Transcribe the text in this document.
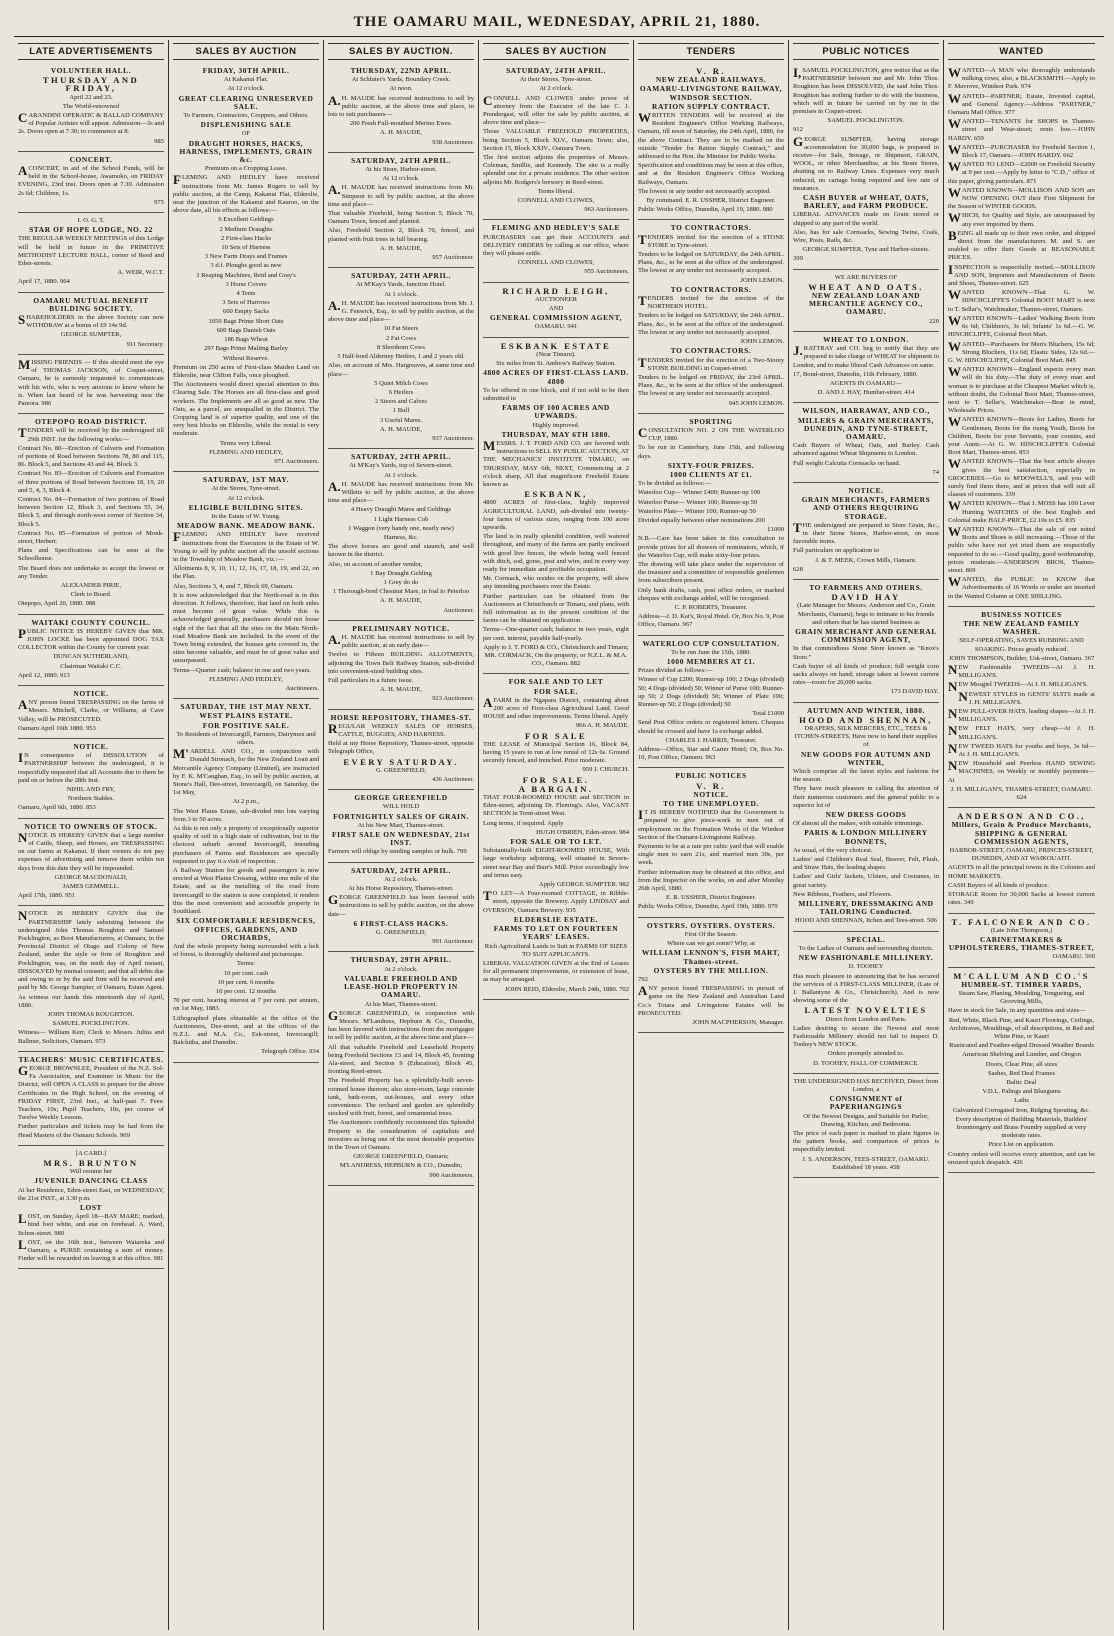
THE OAMARU MAIL, WEDNESDAY, APRIL 21, 1880.
LATE ADVERTISEMENTS

VOLUNTEER HALL.

THURSDAY AND FRIDAY,

April 22 and 23.

The World-renowned

CARANDINI OPERATIC & BALLAD COMPANY of Popular Artistes will appear. Admission—3s and 2s. Doors open at 7.30; to commence at 8.

985

CONCERT.

ACONCERT, in aid of the School Funds, will be held in the School-house, Awamoko, on FRIDAY EVENING, 23rd inst. Doors open at 7.30. Admission 2s 6d; Children, 1s.

975

I. O. G. T.

STAR OF HOPE LODGE, NO. 22

THE REGULAR WEEKLY MEETINGS of this Lodge will be held in future in the PRIMITIVE METHODIST LECTURE HALL, corner of Reed and Eden-streets.

A. WEIR, W.C.T.

April 17, 1880. 964

OAMARU MUTUAL BENEFIT BUILDING SOCIETY.

SHAREHOLDERS in the above Society can now WITHDRAW at a bonus of £9 14s 9d.

GEORGE SUMPTER,

911 Secretary.

MISSING FRIENDS — If this should meet the eye of THOMAS JACKSON, of Coquet-street, Oamaru, he is earnestly requested to communicate with his wife, who is very anxious to know where he is. When last heard of he was harvesting near the Pareora. 986

OTEPOPO ROAD DISTRICT.

TENDERS will be received by the undersigned till 29th INST. for the following works:—

Contract No. 80—Erection of Culverts and Formation of portions of Road between Sections 78, 80 and 115, 86. Block 5, and Sections 43 and 44, Block 3.

Contract No. 83—Erection of Culverts and Formation of three portions of Road between Sections 18, 19, 20 and 5, 4, 3, Block 4.

Contract No. 84—Formation of two portions of Road between Section 12, Block 3, and Sections 55, 34, Block 5, and through north-west corner of Section 34, Block 5.

Contract No. 85—Formation of portion of Monk-street, Herbert.

Plans and Specifications can be seen at the Schoolhouse.

The Board does not undertake to accept the lowest or any Tender.

ALEXANDER PIRIE,

Clerk to Board.

Otepopo, April 20, 1880. 988

WAITAKI COUNTY COUNCIL.

PUBLIC NOTICE IS HEREBY GIVEN that MR. JOHN LOCKE has been appointed DOG TAX COLLECTOR within the County for current year.

DUNCAN SUTHERLAND,

Chairman Waitaki C.C.

April 12, 1880. 913

NOTICE.

ANY person found TRESPASSING on the farms of Messrs. Mitchell, Clarke, or Williams, at Cave Valley, will be PROSECUTED.

Oamaru April 16th 1880. 953

NOTICE.

IN consequence of DISSOLUTION of PARTNERSHIP between the undersigned, it is respectfully requested that all Accounts due to them be paid on or before the 28th Inst.

NIHIL AND FRY,

Northern Stables.

Oamaru, April 6th, 1880. 853

NOTICE TO OWNERS OF STOCK.

NOTICE IS HEREBY GIVEN that a large number of Cattle, Sheep, and Horses, are TRESPASSING on our farms at Kakanui. If their owners do not pay expenses of advertising and remove them within ten days from this date they will be impounded.

GEORGE MACDONALD,

JAMES GEMMELL.

April 17th, 1880. 951

NOTICE IS HEREBY GIVEN that the PARTNERSHIP lately subsisting between the undersigned John Thomas Roughton and Samuel Pocklington, as Boot Manufacturers, at Oamaru, in the Provincial District of Otago and Colony of New Zealand, under the style or firm of Roughton and Pocklington, was, on the tenth day of April instant, DISSOLVED by mutual consent; and that all debts due and owing to or by the said firm will be received and paid by Mr. George Sumpter, of Oamaru, Estate Agent.

As witness our hands this nineteenth day of April, 1880.

JOHN THOMAS ROUGHTON.

SAMUEL POCKLINGTON.

Witness— William Kerr, Clerk to Messrs. Julius and Ballmer, Solicitors, Oamaru. 973

TEACHERS' MUSIC CERTIFICATES.

GEORGE BROWNLEE, President of the N.Z. Sol-Fa Association, and Examiner in Music for the District, will OPEN A CLASS to prepare for the above Certificates in the High School, on the evening of FRIDAY FIRST, 23rd Inst., at half-past 7. Fees: Teachers, 10s; Pupil Teachers, 10s, per course of Twelve Weekly Lessons.

Further particulars and tickets may be had from the Head Masters of the Oamaru Schools. 969

[A CARD.]

MRS. BRUNTON

Will resume her

JUVENILE DANCING CLASS

At her Residence, Eden-street East, on WEDNESDAY, the 21st INST., at 3.30 p.m.

LOST

LOST, on Sunday, April 18—BAY MARE; marked, hind foot white, and star on forehead. A. Ward, Itchen-street. 980

LOST, on the 16th inst., between Waiareka and Oamaru, a PURSE containing a sum of money. Finder will be rewarded on leaving it at this office. 981

SALES BY AUCTION

FRIDAY, 30TH APRIL.

At Kakanui Flat.

At 12 o'clock.

GREAT CLEARING UNRESERVED SALE.

To Farmers, Contractors, Croppers, and Others.

DISPLENISHING SALE

OF

DRAUGHT HORSES, HACKS, HARNESS, IMPLEMENTS, GRAIN &c.

Premium on a Cropping Lease.

FLEMING AND HEDLEY have received instructions from Mr. James Rogers to sell by public auction, at the Camp, Kakanui Flat, Elderslie, near the junction of the Kakanui and Kauroo, on the above date, all his effects as follows:—

6 Excellent Geldings

2 Medium Draughts

2 First-class Hacks

10 Sets of Harness

3 New Farm Drays and Frames

3 d.f. Ploughs good as new

3 Reaping Machines, Reid and Gray's

3 Horse Covers

4 Tents

3 Sets of Harrows

600 Empty Sacks

1050 Bags Prime Short Oats

600 Bags Danish Oats

186 Bags Wheat

297 Bags Prime Malting Barley

Without Reserve.

Premium on 250 acres of First-class Maiden Land on Elderslie, near Clifton Falls, once ploughed.

The Auctioneers would direct special attention to this Clearing Sale. The Horses are all first-class and good workers. The Implements are all as good as new. The Oats, as a parcel, are unequalled in the District. The Cropping land is of superior quality, and one of the very best blocks on Elderslie, while the rental is very moderate.

Terms very Liberal.

FLEMING AND HEDLEY,

971 Auctioneers.

SATURDAY, 1ST MAY.

At the Stores, Tyne-street.

At 12 o'clock.

ELIGIBLE BUILDING SITES.

In the Estate of W. Young.

MEADOW BANK. MEADOW BANK.

FLEMING AND HEDLEY have received instructions from the Executors in the Estate of W. Young to sell by public auction all the unsold sections in the Township of Meadow Bank, viz.:—

Allotments 8, 9, 10, 11, 12, 16, 17, 18, 19, and 22, on the Plan.

Also, Sections 3, 4, and 7, Block 69, Oamaru.

It is now acknowledged that the North-road is in this direction. It follows, therefore, that land on both sides must become of great value. While this is acknowledged generally, purchasers should not loose sight of the fact that all the sites on the Main North-road Meadow Bank are included. In the event of the Town being extended, the houses gets covered in, the sites become valuable, and must be of great value and unsurpassed.

Terms—Quarter cash; balance in one and two years.

FLEMING AND HEDLEY,

Auctioneers.

SATURDAY, THE 1ST MAY NEXT.

WEST PLAINS ESTATE.

FOR POSITIVE SALE.

To Residents of Invercargill, Farmers, Dairymen and others.

M'ARDELL AND CO., in conjunction with Donald Stronach, for the New Zealand Loan and Mercantile Agency Company (Limited), are instructed by F. K. M'Caughan, Esq., to sell by public auction, at Stone's Hall, Dee-street, Invercargill, on Saturday, the 1st May,

At 2 p.m.,

The West Plains Estate, sub-divided into lots varying from 3 to 50 acres.

As this is not only a property of exceptionally superior quality of soil in a high state of cultivation, but in the choicest suburb around Invercargill, intending purchasers of Farms and Residences are specially requested to pay it a visit of inspection.

A Railway Station for goods and passengers is now erected at West Plains Crossing, within one mile of the Estate, and as the metalling of the road from Invercargill to the station is now completed, it renders this the most convenient and accessible property in Southland.

SIX COMFORTABLE RESIDENCES, OFFICES, GARDENS, AND ORCHARDS,

And the whole property being surrounded with a belt of forest, is thoroughly sheltered and picturesque.

Terms:

10 per cent. cash

10 per cent. 6 months

10 per cent. 12 months

70 per cent. bearing interest at 7 per cent. per annum, on 1st May, 1883.

Lithographed plans obtainable at the office of the Auctioneers, Dee-street, and at the offices of the N.Z.L. and M.A. Co., Esk-street, Invercargill; Balclutha, and Dunedin.

Telegraph Office. 934

SALES BY AUCTION.

THURSDAY, 22ND APRIL.

At Schluter's Yards, Boundary Creek.

At noon.

A.H. MAUDE has received instructions to sell by public auction, at the above time and place, in lots to suit purchasers—

200 Fresh Full-mouthed Merino Ewes.

A. H. MAUDE,

938 Auctioneer.

SATURDAY, 24TH APRIL.

At his Store, Harbor-street.

At 12 o'clock.

A.H. MAUDE has received instructions from Mr. Simpson to sell by public auction, at the above time and place—

That valuable Freehold, being Section 5, Block 70, Oamaru Town, fenced and planted.

Also, Freehold Section 2, Block 70, fenced, and planted with fruit trees in full bearing.

A. H. MAUDE,

957 Auctioneer.

SATURDAY, 24TH APRIL.

At M'Kay's Yards, Junction Hotel.

At 1 o'clock.

A.H. MAUDE has received instructions from Mr. J. G. Fenwick, Esq., to sell by public auction, at the above time and place—

10 Fat Steers

2 Fat Cows

8 Shorthorn Cows

5 Half-bred Alderney Heifers, 1 and 2 years old.

Also, on account of Mrs. Hargreaves, at same time and place—

5 Quiet Milch Cows

6 Heifers

2 Steers and Calves

1 Bull

3 Useful Mares.

A. H. MAUDE,

937 Auctioneer.

SATURDAY, 24TH APRIL.

At M'Kay's Yards, top of Severn-street.

At 1 o'clock.

A.H. MAUDE has received instructions from Mr. Willetts to sell by public auction, at the above time and place—

4 Heavy Draught Mares and Geldings

1 Light Harness Cob

1 Waggon (very handy one, nearly new)

Harness, &c.

The above horses are good and staunch, and well known in the district.

Also, on account of another vendor,

1 Bay Draught Gelding

1 Grey do do

1 Thorough-bred Chestnut Mare, in foal to Peterloo

A. H. MAUDE,

Auctioneer.

PRELIMINARY NOTICE.

A.H. MAUDE has received instructions to sell by public auction, at an early date—

Twelve to Fifteen BUILDING ALLOTMENTS, adjoining the Town Belt Railway Station, sub-divided into convenient-sized building sites.

Full particulars in a future issue.

A. H. MAUDE,

923 Auctioneer.

HORSE REPOSITORY, THAMES-ST.

REGULAR WEEKLY SALES OF HORSES, CATTLE, BUGGIES, AND HARNESS.

Held at my Horse Repository, Thames-street, opposite Telegraph Office,

EVERY SATURDAY.

G. GREENFIELD,

436 Auctioneer.

GEORGE GREENFIELD

WILL HOLD

FORTNIGHTLY SALES OF GRAIN.

At his New Mart, Thames-street.

FIRST SALE ON WEDNESDAY, 21st INST.

Farmers will oblige by sending samples or bulk. 799

SATURDAY, 24TH APRIL.

At 2 o'clock.

At his Horse Repository, Thames-street.

GEORGE GREENFIELD has been favored with instructions to sell by public auction, on the above date—

6 FIRST-CLASS HACKS.

G. GREENFIELD,

991 Auctioneer.

THURSDAY, 29TH APRIL.

At 2 o'clock.

VALUABLE FREEHOLD AND LEASE-HOLD PROPERTY IN OAMARU.

At his Mart, Thames-street.

GEORGE GREENFIELD, in conjunction with Messrs. M'Landress, Hepburn & Co., Dunedin, has been favored with instructions from the mortgagee to sell by public auction, at the above time and place—

All that valuable Freehold and Leasehold Property being Freehold Sections 13 and 14, Block 45, fronting Ala-street, and Section 9 (Education), Block 45, fronting Reed-street.

The Freehold Property has a splendidly-built seven-roomed house thereon; also store-room, large concrete tank, bath-room, out-houses, and every other convenience. The orchard and garden are splendidly stocked with fruit, forest, and ornamental trees.

The Auctioneers confidently recommend this Splendid Property to the consideration of capitalists and investors as being one of the most desirable properties in the Town of Oamaru.

GEORGE GREENFIELD, Oamaru;

M'LANDRESS, HEPBURN & CO., Dunedin;

990 Auctioneers.

SALES BY AUCTION

SATURDAY, 24TH APRIL.

At their Stores, Tyne-street.

At 2 o'clock.

CONNELL AND CLOWES under power of attorney from the Executor of the late C. J. Prendergast, will offer for sale by public auction, at above time and place—

Those VALUABLE FREEHOLD PROPERTIES, being Section 5, Block XLV., Oamaru Town; also, Section 15, Block XXIV., Oamaru Town.

The first section adjoins the properties of Messrs. Coleman, Smillie, and Kennedy. The site is a really splendid one for a private residence. The other section adjoins Mr. Rodgers's brewery in Reed-street.

Terms liberal.

CONNELL AND CLOWES,

963 Auctioneers.

FLEMING AND HEDLEY'S SALE

PURCHASERS can get their ACCOUNTS and DELIVERY ORDERS by calling at our office, where they will please settle.

CONNELL AND CLOWES,

955 Auctioneers.

RICHARD LEIGH,

AUCTIONEER

AND

GENERAL COMMISSION AGENT,

OAMARU. 941

ESKBANK ESTATE

(Near Timaru).

Six miles from St. Andrew's Railway Station.

4800 ACRES OF FIRST-CLASS LAND. 4800

To be offered in one block, and if not sold to be then submitted in

FARMS OF 100 ACRES AND UPWARDS.

Highly improved.

THURSDAY, MAY 6TH 1880.

MESSRS. J. T. FORD AND CO. are favored with instructions to SELL BY PUBLIC AUCTION, AT THE MECHANICS' INSTITUTE TIMARU, on THURSDAY, MAY 6th, NEXT, Commencing at 2 o'clock sharp, All that magnificent Freehold Estate known as

ESKBANK,

4800 ACRES of first-class, highly improved AGRICULTURAL LAND, sub-divided into twenty-four farms of various sizes, ranging from 100 acres upwards.

The land is in really splendid condition, well watered throughout, and many of the farms are partly enclosed with good live fences, the whole being well fenced with ditch, sod, gorse, post and wire, and in every way ready for immediate and profitable occupation.

Mr. Cormack, who resides on the property, will show any intending purchasers over the Estate.

Further particulars can be obtained from the Auctioneers at Christchurch or Timaru, and plans, with full information as to the present condition of the farms can be obtained on application.

Terms—One-quarter cash; balance in two years, eight per cent. interest, payable half-yearly.

Apply to J. T. FORD & CO., Christchurch and Timaru; MR. CORMACK, On the property; or N.Z.L. & M.A. CO., Oamaru. 882

FOR SALE AND TO LET

FOR SALE.

AFARM in the Ngapara District, containing about 200 acres of First-class Agricultural Land. Good HOUSE and other improvements. Terms liberal. Apply

966 A. H. MAUDE.

FOR SALE

THE LEASE of Municipal Section 16, Block 84, having 15 years to run at low rental of 12s 6s. Ground securely fenced, and trenched. Price moderate.

959 J. CHURCH.

FOR SALE.

A BARGAIN.

THAT FOUR-ROOMED HOUSE and SECTION in Eden-street, adjoining Dr. Fleming's. Also, VACANT SECTION in Trent-street West.

Long terms, if required. Apply

HUGH O'BRIEN, Eden-street. 984

FOR SALE OR TO LET.

Substantially-built EIGHT-ROOMED HOUSE, With large workshop adjoining, well situated in Severn-street near Bay and Burr's Mill. Price exceedingly low and terms easy.

Apply GEORGE SUMPTER. 982

TO LET—A Four-roomed COTTAGE, in Ribble-street, opposite the Brewery. Apply LINDSAY and OVERSON, Oamaru Brewery. 935

ELDERSLIE ESTATE.

FARMS TO LET ON FOURTEEN YEARS' LEASES.

Rich Agricultural Lands to Suit in FARMS OF SIZES TO SUIT APPLICANTS.

LIBERAL VALUATION GIVEN at the End of Leases for all permanent improvements, or extension of lease, as may be arranged.

JOHN REID, Elderslie, March 24th, 1880. 702

TENDERS

V. R.

NEW ZEALAND RAILWAYS.

OAMARU-LIVINGSTONE RAILWAY, WINDSOR SECTION.

RATION SUPPLY CONTRACT.

WRITTEN TENDERS will be received at the Resident Engineer's Office Working Railways, Oamaru, till noon of Saturday, the 24th April, 1880, for the above Contract. They are to be marked on the outside "Tender for Ration Supply Contract," and addressed to the Hon. the Minister for Public Works.

Specification and conditions may be seen at this office, and at the Resident Engineer's Office Working Railways, Oamaru.

The lowest or any tender not necessarily accepted.

By command. E. R. USSHER, District Engineer.

Public Works Office, Dunedin, April 19, 1880. 980

TO CONTRACTORS.

TENDERS invited for the erection of a STONE STORE in Tyne-street.

Tenders to be lodged on SATURDAY, the 24th APRIL. Plans, &c., to be seen at the office of the undersigned. The lowest or any tender not necessarily accepted.

JOHN LEMON.

TO CONTRACTORS.

TENDERS invited for the erection of the NORTHERN HOTEL.

Tenders to be lodged on SATURDAY, the 24th APRIL. Plans, &c., to be seen at the office of the undersigned. The lowest or any tender not necessarily accepted.

JOHN LEMON.

TO CONTRACTORS.

TENDERS invited for the erection of a Two-Storey STONE BUILDING in Coquet-street.

Tenders to be lodged on FRIDAY, the 23rd APRIL. Plans, &c., to be seen at the office of the undersigned. The lowest or any tender not necessarily accepted.

945 JOHN LEMON.

SPORTING

CONSULTATION NO. 2 ON THE WATERLOO CUP, 1880.

To be run in Canterbury, June 15th, and following days.

SIXTY-FOUR PRIZES.

1000 CLIENTS AT £1.

To be divided as follows:—

Waterloo Cup— Winner £400; Runner-up 100

Waterloo Purse— Winner 100; Runner-up 50

Waterloo Plate— Winner 100; Runner-up 50

Divided equally between other nominations 200

£1000

N.B.—Care has been taken in this consultation to provide prizes for all drawers of nominators, which, if the Waterloo Cup, will make sixty-four prizes.

The drawing will take place under the supervision of the treasurer and a committee of responsible gentlemen from subscribers present.

Only bank drafts, cash, post office orders, or marked cheques with exchange added, will be recognised.

C. P. ROBERTS, Treasurer.

Address—J. D. Kat's, Royal Hotel. Or, Box No. 9, Post Office, Oamaru. 967

WATERLOO CUP CONSULTATION.

To be run June the 15th, 1880.

1000 MEMBERS AT £1.

Prizes divided as follows:—

Winner of Cup £200; Runner-up 100; 2 Dogs (divided) 50; 4 Dogs (divided) 50; Winner of Purse 100; Runner-up 50; 2 Dogs (divided) 50; Winner of Plate 100; Runner-up 50; 2 Dogs (divided) 50

Total £1000

Send Post Office orders or registered letters. Cheques should be crossed and have 1s exchange added.

CHARLES J. HARRIS, Treasurer.

Address—Office, Star and Garter Hotel; Or, Box No. 10, Post Office, Oamaru. 963

PUBLIC NOTICES

V. R.

NOTICE.

TO THE UNEMPLOYED.

IT IS HEREBY NOTIFIED that the Government is prepared to give piece-work to men out of employment on the Formation Works of the Windsor Section of the Oamaru-Livingstone Railway.

Payments to be at a rate per cubic yard that will enable single men to earn 21s, and married men 30s, per week.

Further information may be obtained at this office, and from the Inspector on the works, on and after Monday 26th April, 1880.

E. R. USSHER, District Engineer.

Public Works Office, Dunedin, April 19th, 1880. 979

OYSTERS. OYSTERS. OYSTERS.

First Of the Season.

Where can we get some? Why, at

WILLIAM LENNON'S, FISH MART, Thames-street.

OYSTERS BY THE MILLION.

792

ANY person found TRESPASSING in pursuit of game on the New Zealand and Australian Land Co.'s Totara and Livingstone Estates will be PROSECUTED.

JOHN MACPHERSON, Manager.

PUBLIC NOTICES

I,SAMUEL POCKLINGTON, give notice that as the PARTNERSHIP between me and Mr. John Thos. Roughton has been DISSOLVED, the said John Thos. Roughton has nothing further to do with the business, which will in future be carried on by me in the premises in Coquet-street.

SAMUEL POCKLINGTON.

912

GEORGE SUMPTER, having storage accommodation for 30,000 bags, is prepared to receive—for Sale, Storage, or Shipment, GRAIN, WOOL, or other Merchandise, at his Stone Stores, abutting on to Railway Lines. Expenses very much reduced, no cartage being required and low rate of insurance.

CASH BUYER of WHEAT, OATS, BARLEY, and FARM PRODUCE.

LIBERAL ADVANCES made on Grain stored or shipped to any part of the world.

Also, has for sale Cornsacks, Sewing Twine, Coals, Wire, Posts, Rails, &c.

GEORGE SUMPTER, Tyne and Harbor-streets.

399

WE ARE BUYERS OF

WHEAT AND OATS.

NEW ZEALAND LOAN AND MERCANTILE AGENCY CO., OAMARU.

220

WHEAT TO LONDON.

J.RATTRAY and CO. beg to notify that they are prepared to take charge of WHEAT for shipment to London, and to make liberal Cash Advances on same.

17, Bond-street, Dunedin, 11th February, 1880.

AGENTS IN OAMARU—

D. AND J. HAY, Humber-street. 414

WILSON, HARRAWAY, AND CO.,

MILLERS & GRAIN MERCHANTS, DUNEDIN, AND TYNE-STREET, OAMARU.

Cash Buyers of Wheat, Oats, and Barley. Cash advanced against Wheat Shipments to London.

Full weight Calcutta Cornsacks on hand.

74

NOTICE.

GRAIN MERCHANTS, FARMERS AND OTHERS REQUIRING STORAGE.

THE undersigned are prepared to Store Grain, &c., in their Stone Stores, Harbor-street, on most favorable terms.

Full particulars on application to

J. & T. MEEK, Crown Mills, Oamaru.

628

TO FARMERS AND OTHERS.

DAVID HAY

(Late Manager for Messrs. Anderson and Co., Grain Merchants, Oamaru), begs to intimate to his friends and others that he has started business as

GRAIN MERCHANT AND GENERAL COMMISSION AGENT,

In that commodious Stone Store known as "Knox's Store."

Cash buyer of all kinds of produce; full weight corn sacks always on hand; storage taken at lowest current rates—room for 20,000 sacks.

173 DAVID HAY.

AUTUMN AND WINTER, 1880.

HOOD AND SHENNAN,

DRAPERS, SILK MERCERS, ETC., TEES & ITCHEN-STREETS, Have now to hand their supplies of

NEW GOODS FOR AUTUMN AND WINTER,

Which comprise all the latest styles and fashions for the season.

They have much pleasure in calling the attention of their numerous customers and the general public to a superior lot of

NEW DRESS GOODS

Of almost all the makes, with suitable trimmings.

PARIS & LONDON MILLINERY BONNETS,

As usual, of the very choicest.

Ladies' and Children's Real Seal, Beaver, Felt, Plush, and Straw Hats, the leading shapes.

Ladies' and Girls' Jackets, Ulsters, and Costumes, in great variety.

New Ribbons, Feathers, and Flowers.

MILLINERY, DRESSMAKING AND TAILORING Conducted.

HOOD AND SHENNAN, Itchen and Tees-street. 506

SPECIAL.

To the Ladies of Oamaru and surrounding districts.

NEW FASHIONABLE MILLINERY.

D. TOOHEY

Has much pleasure in announcing that he has secured the services of A FIRST-CLASS MILLINER, (Late of J. Ballantyne & Co., Christchurch), And is now showing some of the

LATEST NOVELTIES

Direct from London and Paris.

Ladies desiring to secure the Newest and most Fashionable Millinery should not fail to inspect D. Toohey's NEW STOCK.

Orders promptly attended to.

D. TOOHEY, HALL OF COMMERCE.

THE UNDERSIGNED HAS RECEIVED, Direct from London, a

CONSIGNMENT of PAPERHANGINGS

Of the Newest Designs, and Suitable for Parlor, Drawing, Kitchen, and Bedrooms.

The price of each paper is marked in plain figures in the pattern books, and comparison of prices is respectfully invited.

J. S. ANDERSON, TEES-STREET, OAMARU. Established 18 years. 458

WANTED

WANTED—A MAN who thoroughly understands milking cows; also, a BLACKSMITH.—Apply to F. Mavrove, Windsor Park. 974

WANTED—PARTNER; Estate, Invested capital, and General Agency.—Address "PARTNER," Oamaru Mail Office. 977

WANTED—TENANTS for SHOPS in Thames-street and Wear-street; rents low.—JOHN HARDY. 659

WANTED—PURCHASER for Freehold Section 1, Block 17, Oamaru.—JOHN HARDY. 662

WANTED TO LEND—£2000 on Freehold Security at 9 per cent.—Apply by letter to "C.D.," office of this paper, giving particulars. 871

WANTED KNOWN—MOLLISON AND SON are NOW OPENING OUT their First Shipment for the Season of WINTER GOODS.

WHICH, for Quality and Style, are unsurpassed by any ever imported by them.

BEING all made up to their own order, and shipped direct from the manufacturers M. and S. are enabled to offer their Goods at REASONABLE PRICES.

INSPECTION is respectfully invited.—MOLLISON AND SON, Importers and Manufacturers of Boots and Shoes, Thames-street. 625

WANTED KNOWN—That G. W. HINCHCLIFFE'S Colonial BOOT MART is next to T. Sellar's, Watchmaker, Thames-street, Oamaru.

WANTED KNOWN—Ladies' Walking Boots from 6s 6d; Children's, 3s 6d; Infants' 1s 6d.—G. W. HINCHCLIFFE, Colonial Boot Mart.

WANTED—Purchasers for Men's Bluchers, 15s 6d; Strong Bluchers, 11s 6d; Elastic Sides, 12s 6d.—G. W. HINCHCLIFFE, Colonial Boot Mart. 845

WANTED KNOWN—England expects every man will do his duty.—The duty of every man and woman is to purchase at the Cheapest Market which is, without doubt, the Colonial Boot Mart, Thames-street, next to T. Sellar's, Watchmaker.—Bear in mind, Wholesale Prices.

WANTED KNOWN—Boots for Ladies, Boots for Gentlemen, Boots for the rising Youth, Boots for Children, Boots for your Servants, your cousins, and your Aunts.—At G. W. HINCHCLIFFE'S Colonial Boot Mart, Thames-street. 853

WANTED KNOWN—That the best article always gives the best satisfaction, especially in GROCERIES.—Go to M'DOWELL'S, and you will surely find them there, and at prices that will suit all classes of customers. 339

WANTED KNOWN—That J. MOSS has 100 Lever Hunting WATCHES of the best English and Colonial make HALF-PRICE, £2 10s to £5. 835

WANTED KNOWN—That the sale of our noted Boots and Shoes is still increasing.—Those of the public who have not yet tried them are respectfully requested to do so.—Good quality, good workmanship, prices moderate.—ANDERSON BROS, Thames-street. 869

WANTED, the PUBLIC to KNOW that Advertisements of 16 Words or under are inserted in the Wanted Column at ONE SHILLING.

BUSINESS NOTICES

THE NEW ZEALAND FAMILY WASHER.

SELF-OPERATING, SAVES RUBBING AND SOAKING. Prices greatly reduced.

JOHN THOMPSON, Builder, Usk-street, Oamaru. 367

NEW Fashionable TWEEDS—At J. H. MILLIGAN'S.

NEW Mosgiel TWEEDS—At J. H. MILLIGAN'S.

NEWEST STYLES in GENTS' SUITS made at J. H. MILLIGAN'S.

NEW PULL-OVER HATS, leading shapes—At J. H. MILLIGAN'S.

NEW FELT HATS, very cheap—At J. H. MILLIGAN'S.

NEW TWEED HATS for youths and boys, 3s 6d—At J. H. MILLIGAN'S.

NEW Household and Peerless HAND SEWING MACHINES, on Weekly or monthly payments—At

J. H. MILLIGAN'S, THAMES-STREET, OAMARU. 624

ANDERSON AND CO.,

Millers, Grain & Produce Merchants, SHIPPING & GENERAL COMMISSION AGENTS,

HARBOR-STREET, OAMARU, PRINCES-STREET, DUNEDIN, AND AT WAIKOUAITI.

AGENTS in all the principal towns in the Colonies and HOME MARKETS.

CASH Buyers of all kinds of produce.

STORAGE Room for 30,000 Sacks at lowest current rates. 349

T. FALCONER AND CO.

(Late John Thompson,)

CABINETMAKERS & UPHOLSTERERS, THAMES-STREET,

OAMARU. 560

M'CALLUM AND CO.'S

HUMBER-ST. TIMBER YARDS,

Steam Saw, Planing, Moulding, Tongueing, and Grooving Mills,

Have in stock for Sale, in any quantities and sizes—

Red, White, Black Pine, and Kauri Floorings, Ceilings, Architraves, Mouldings, of all descriptions, in Red and White Pine, or Kauri

Rusticated and Feather-edged Dressed Weather Boards

American Shelving and Lumber, and Oregon

Doors, Clear Pine, all sizes

Sashes, Red Deal Frames

Baltic Deal

V.D.L. Palings and Bluegums

Laths

Galvanized Corrugated Iron, Ridging Spouting, &c.

Every description of Building Materials, Builders' Ironmongery and Brass Foundry supplied at very moderate rates.

Price List on application.

Country orders will receive every attention, and can be ensured quick despatch. 426
